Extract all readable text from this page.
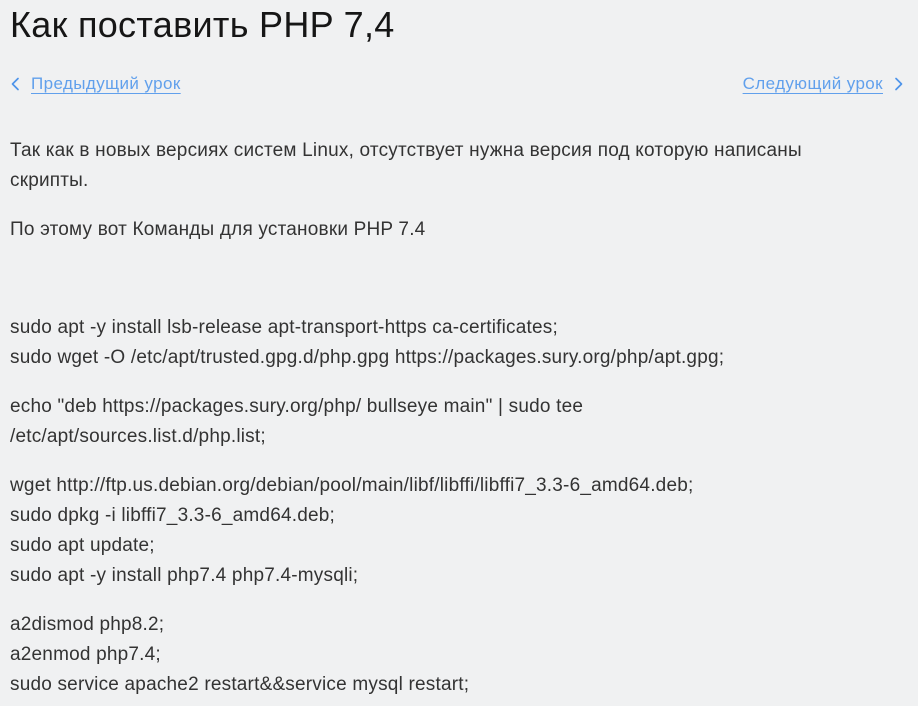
Как поставить PHP 7,4
Предыдущий урок	Следующий урок
Так как в новых версиях систем Linux, отсутствует нужна версия под которую написаны
скрипты.
По этому вот Команды для установки PHP 7.4
sudo apt -y install lsb-release apt-transport-https ca-certificates;
sudo wget -O /etc/apt/trusted.gpg.d/php.gpg https://packages.sury.org/php/apt.gpg;
echo "deb https://packages.sury.org/php/ bullseye main" | sudo tee
/etc/apt/sources.list.d/php.list;
wget http://ftp.us.debian.org/debian/pool/main/libf/libffi/libffi7_3.3-6_amd64.deb;
sudo dpkg -i libffi7_3.3-6_amd64.deb;
sudo apt update;
sudo apt -y install php7.4 php7.4-mysqli;
a2dismod php8.2;
a2enmod php7.4;
sudo service apache2 restart&&service mysql restart;
